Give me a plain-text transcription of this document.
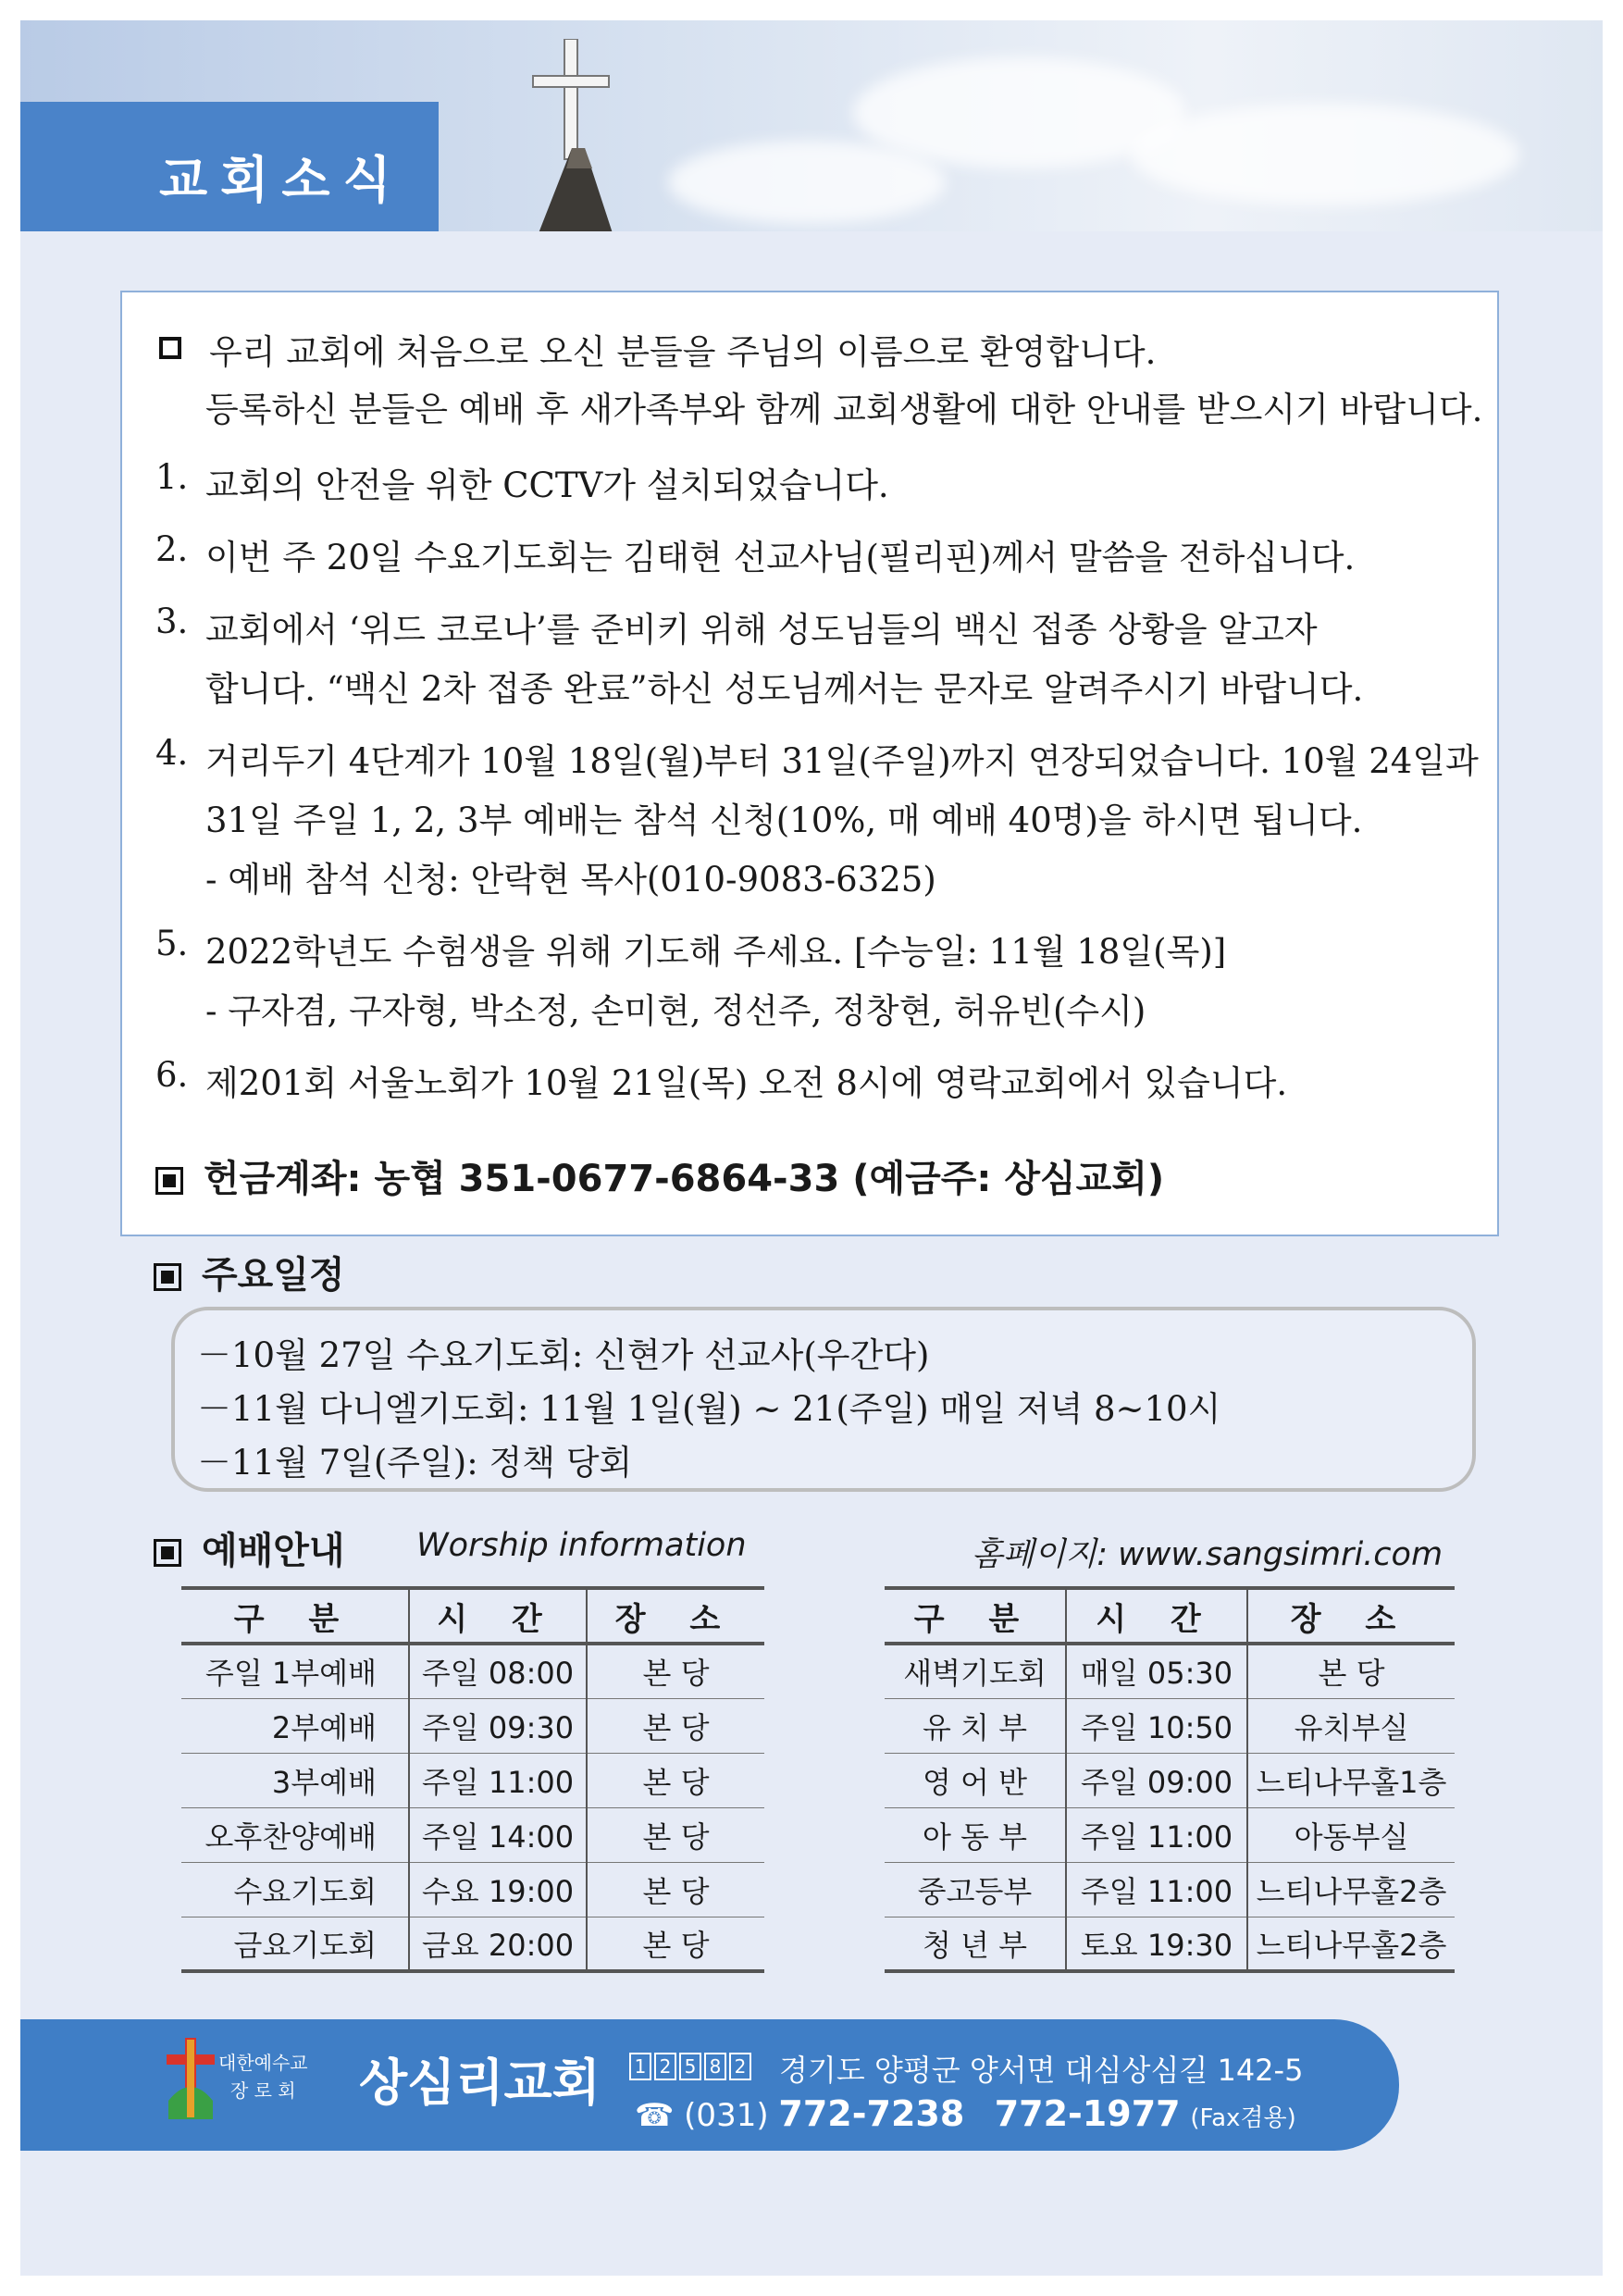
교회소식
우리 교회에 처음으로 오신 분들을 주님의 이름으로 환영합니다.
등록하신 분들은 예배 후 새가족부와 함께 교회생활에 대한 안내를 받으시기 바랍니다.
1. 교회의 안전을 위한 CCTV가 설치되었습니다.
2. 이번 주 20일 수요기도회는 김태현 선교사님(필리핀)께서 말씀을 전하십니다.
3. 교회에서 ‘위드 코로나’를 준비키 위해 성도님들의 백신 접종 상황을 알고자
합니다. “백신 2차 접종 완료”하신 성도님께서는 문자로 알려주시기 바랍니다.
4. 거리두기 4단계가 10월 18일(월)부터 31일(주일)까지 연장되었습니다. 10월 24일과
31일 주일 1, 2, 3부 예배는 참석 신청(10%, 매 예배 40명)을 하시면 됩니다.
- 예배 참석 신청: 안락현 목사(010-9083-6325)
5. 2022학년도 수험생을 위해 기도해 주세요. [수능일: 11월 18일(목)]
- 구자겸, 구자형, 박소정, 손미현, 정선주, 정창현, 허유빈(수시)
6. 제201회 서울노회가 10월 21일(목) 오전 8시에 영락교회에서 있습니다.
헌금계좌: 농협 351-0677-6864-33 (예금주: 상심교회)
주요일정
－10월 27일 수요기도회: 신현가 선교사(우간다)
－11월 다니엘기도회: 11월 1일(월) ~ 21(주일) 매일 저녁 8~10시
－11월 7일(주일): 정책 당회
예배안내 Worship information	홈페이지: www.sangsimri.com
구 분	시 간	장 소
주일 1부예배	주일 08:00	본 당
2부예배	주일 09:30	본 당
3부예배	주일 11:00	본 당
오후찬양예배	주일 14:00	본 당
수요기도회	수요 19:00	본 당
금요기도회	금요 20:00	본 당
구 분	시 간	장 소
새벽기도회	매일 05:30	본 당
유 치 부	주일 10:50	유치부실
영 어 반	주일 09:00	느티나무홀1층
아 동 부	주일 11:00	아동부실
중고등부	주일 11:00	느티나무홀2층
청 년 부	토요 19:30	느티나무홀2층
대한예수교
장 로 회 상심리교회 1 2 5 8 2 경기도 양평군 양서면 대심상심길 142-5
☎ (031) 772-7238 772-1977 (Fax겸용)
